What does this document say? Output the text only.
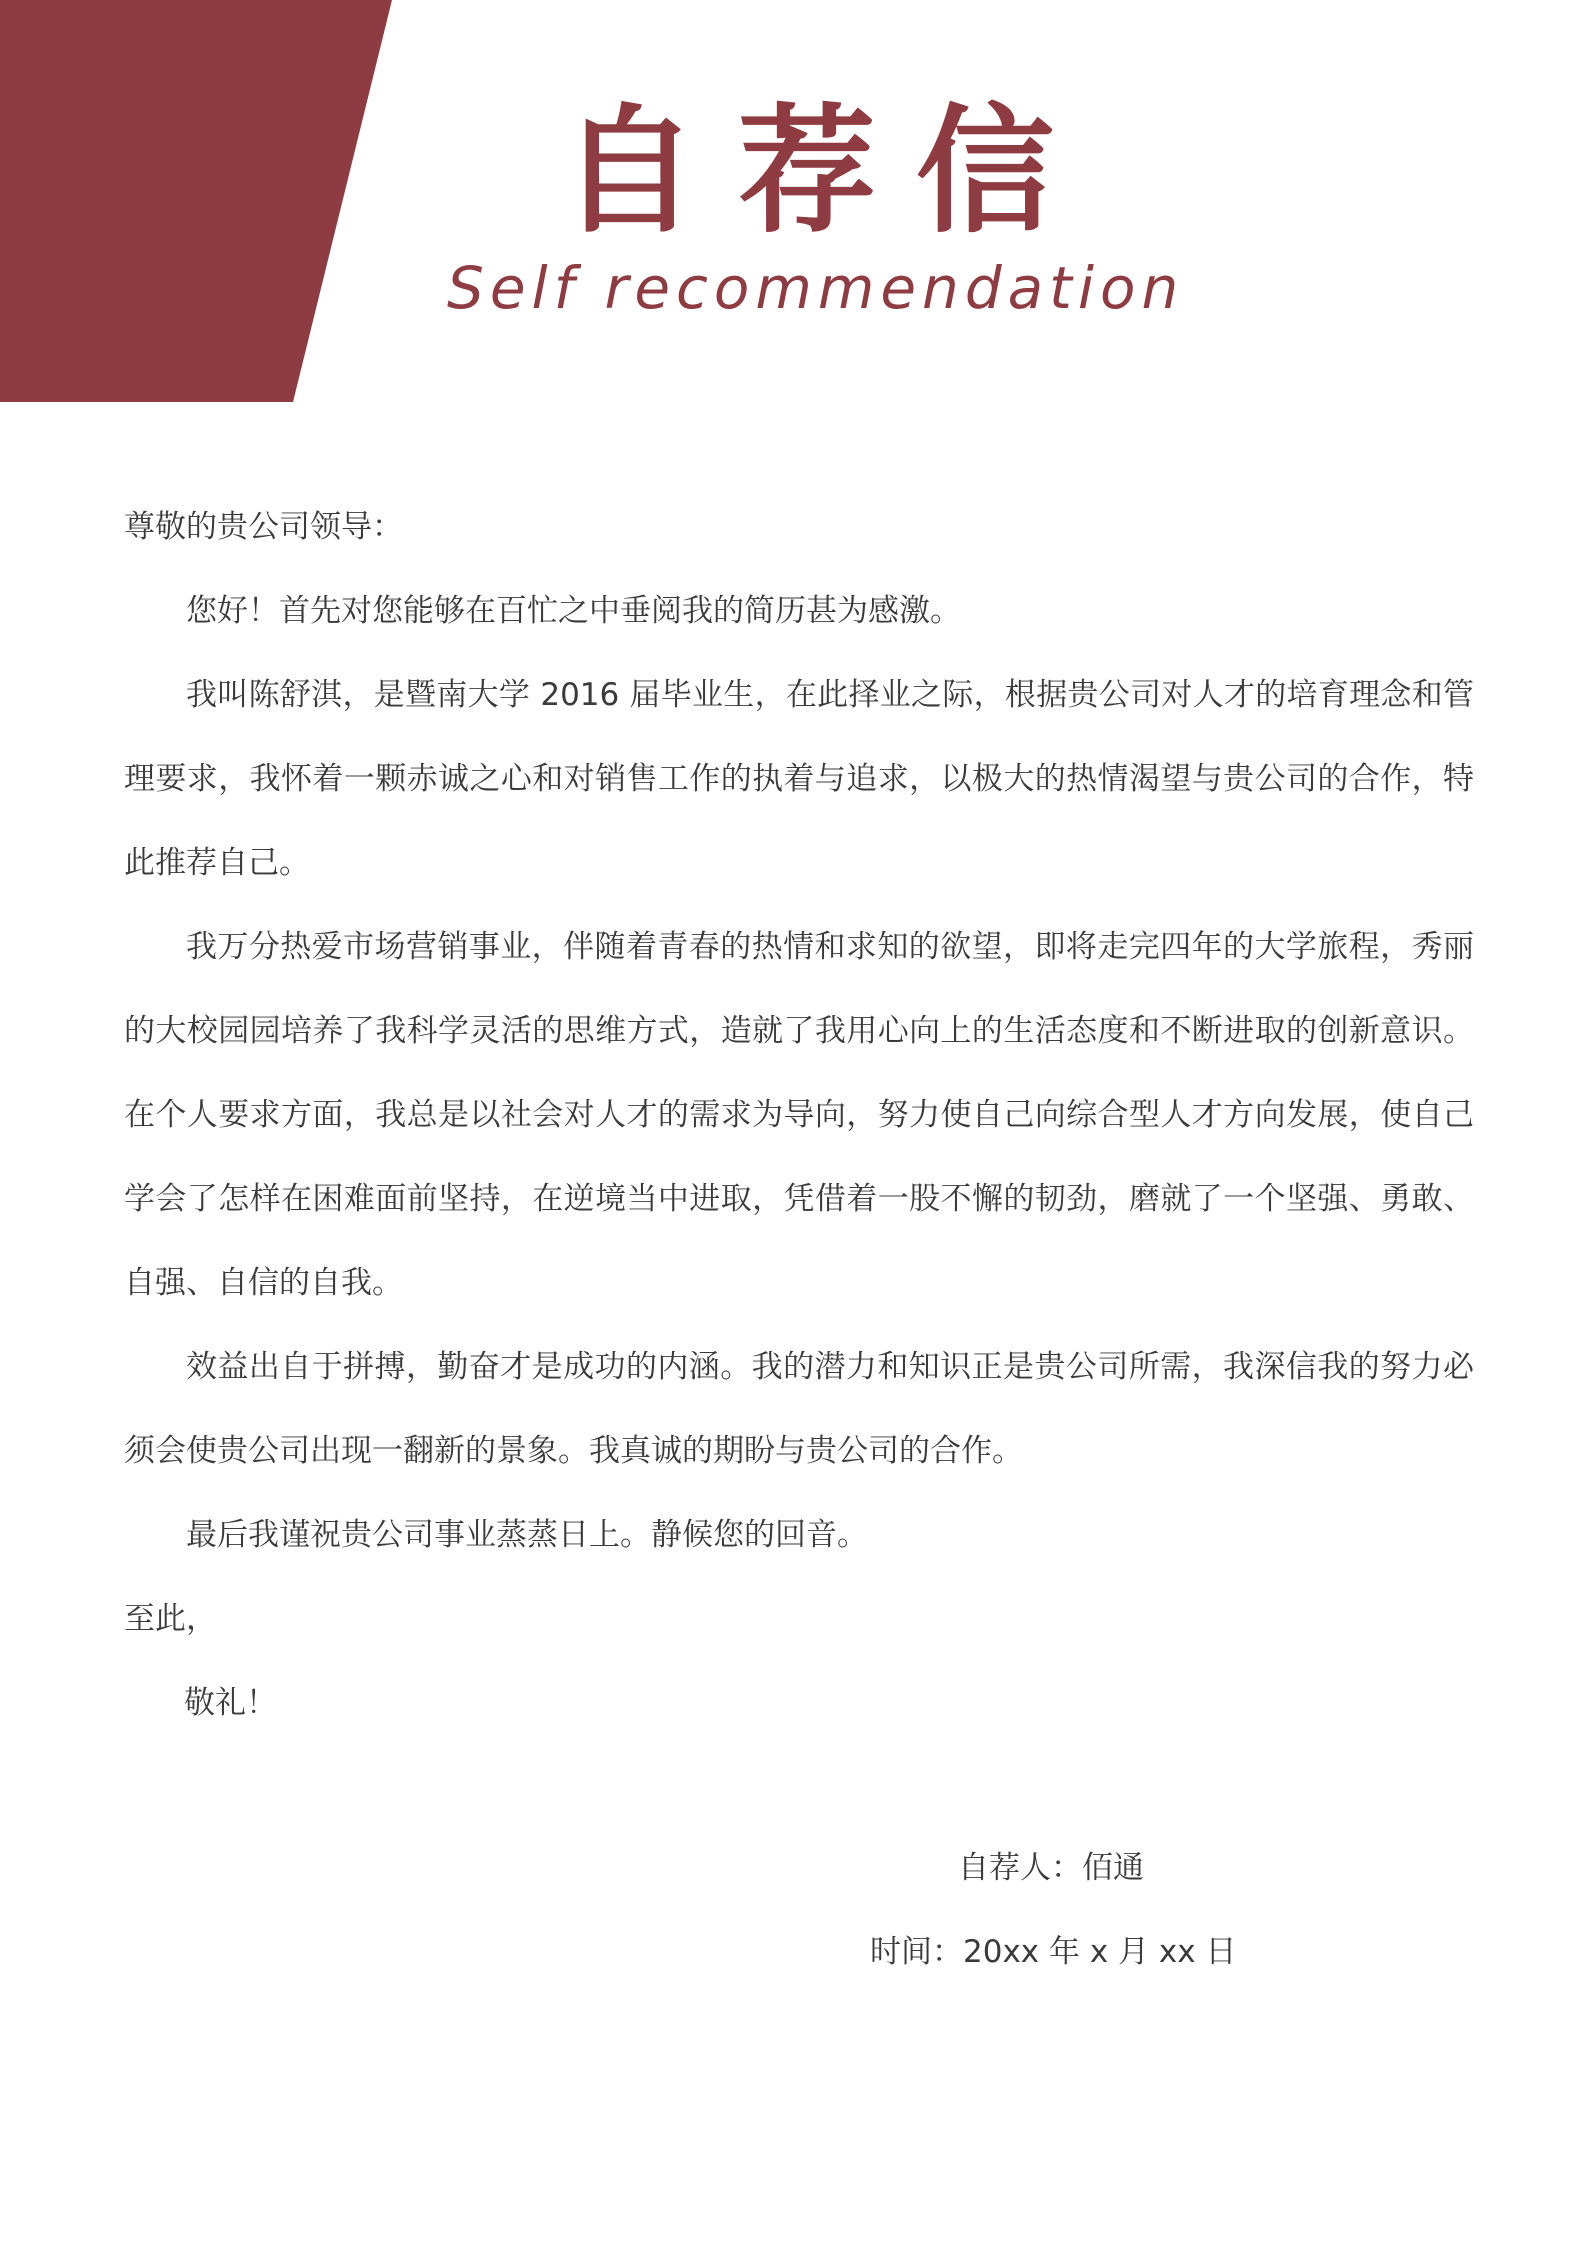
自荐信
Self recommendation

尊敬的贵公司领导：

您好！首先对您能够在百忙之中垂阅我的简历甚为感激。

我叫陈舒淇，是暨南大学 2016 届毕业生，在此择业之际，根据贵公司对人才的培育理念和管理要求，我怀着一颗赤诚之心和对销售工作的执着与追求，以极大的热情渴望与贵公司的合作，特此推荐自己。

我万分热爱市场营销事业，伴随着青春的热情和求知的欲望，即将走完四年的大学旅程，秀丽的大校园园培养了我科学灵活的思维方式，造就了我用心向上的生活态度和不断进取的创新意识。在个人要求方面，我总是以社会对人才的需求为导向，努力使自己向综合型人才方向发展，使自己学会了怎样在困难面前坚持，在逆境当中进取，凭借着一股不懈的韧劲，磨就了一个坚强、勇敢、自强、自信的自我。

效益出自于拼搏，勤奋才是成功的内涵。我的潜力和知识正是贵公司所需，我深信我的努力必须会使贵公司出现一翻新的景象。我真诚的期盼与贵公司的合作。

最后我谨祝贵公司事业蒸蒸日上。静候您的回音。

至此，

敬礼！

自荐人：佰通

时间：20xx 年 x 月 xx 日
